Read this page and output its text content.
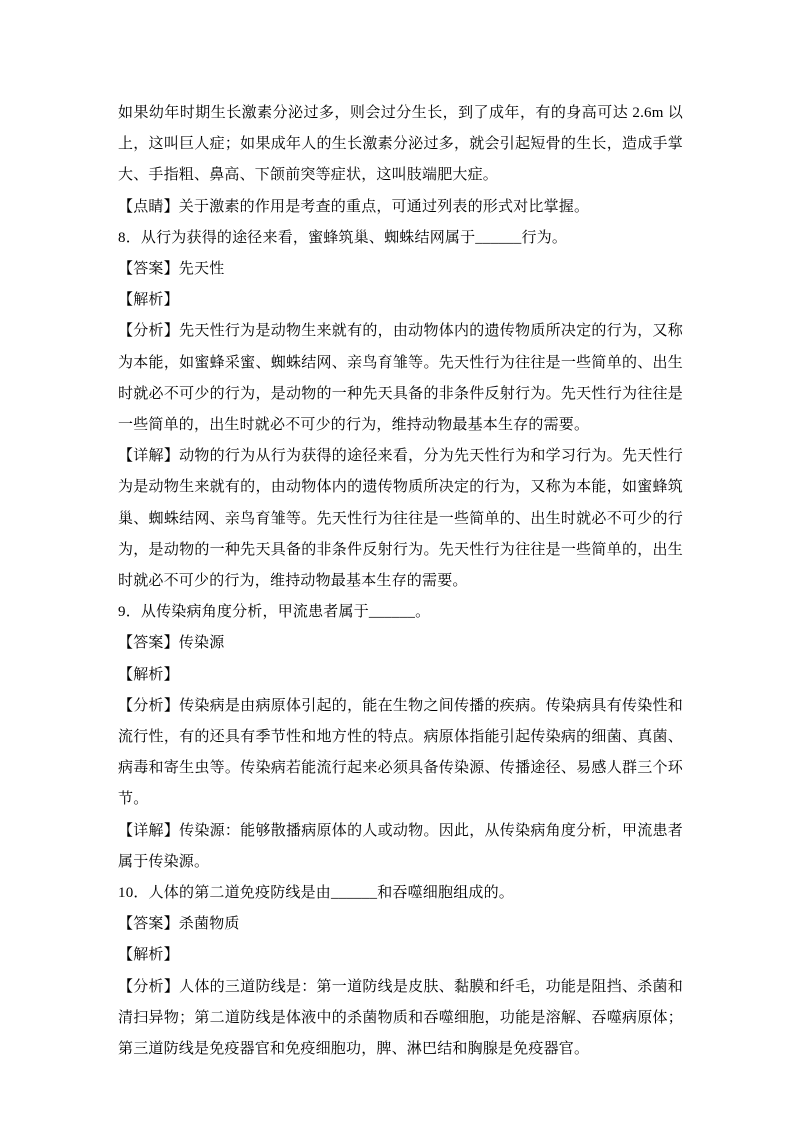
如果幼年时期生长激素分泌过多，则会过分生长，到了成年，有的身高可达 2.6m 以上，这叫巨人症；如果成年人的生长激素分泌过多，就会引起短骨的生长，造成手掌大、手指粗、鼻高、下颌前突等症状，这叫肢端肥大症。

【点睛】关于激素的作用是考查的重点，可通过列表的形式对比掌握。

8．从行为获得的途径来看，蜜蜂筑巢、蜘蛛结网属于______行为。

【答案】先天性

【解析】

【分析】先天性行为是动物生来就有的，由动物体内的遗传物质所决定的行为，又称为本能，如蜜蜂采蜜、蜘蛛结网、亲鸟育雏等。先天性行为往往是一些简单的、出生时就必不可少的行为，是动物的一种先天具备的非条件反射行为。先天性行为往往是一些简单的，出生时就必不可少的行为，维持动物最基本生存的需要。

【详解】动物的行为从行为获得的途径来看，分为先天性行为和学习行为。先天性行为是动物生来就有的，由动物体内的遗传物质所决定的行为，又称为本能，如蜜蜂筑巢、蜘蛛结网、亲鸟育雏等。先天性行为往往是一些简单的、出生时就必不可少的行为，是动物的一种先天具备的非条件反射行为。先天性行为往往是一些简单的，出生时就必不可少的行为，维持动物最基本生存的需要。

9．从传染病角度分析，甲流患者属于______。

【答案】传染源

【解析】

【分析】传染病是由病原体引起的，能在生物之间传播的疾病。传染病具有传染性和流行性，有的还具有季节性和地方性的特点。病原体指能引起传染病的细菌、真菌、病毒和寄生虫等。传染病若能流行起来必须具备传染源、传播途径、易感人群三个环节。

【详解】传染源：能够散播病原体的人或动物。因此，从传染病角度分析，甲流患者属于传染源。

10．人体的第二道免疫防线是由______和吞噬细胞组成的。

【答案】杀菌物质

【解析】

【分析】人体的三道防线是：第一道防线是皮肤、黏膜和纤毛，功能是阻挡、杀菌和清扫异物；第二道防线是体液中的杀菌物质和吞噬细胞，功能是溶解、吞噬病原体；第三道防线是免疫器官和免疫细胞功，脾、淋巴结和胸腺是免疫器官。
